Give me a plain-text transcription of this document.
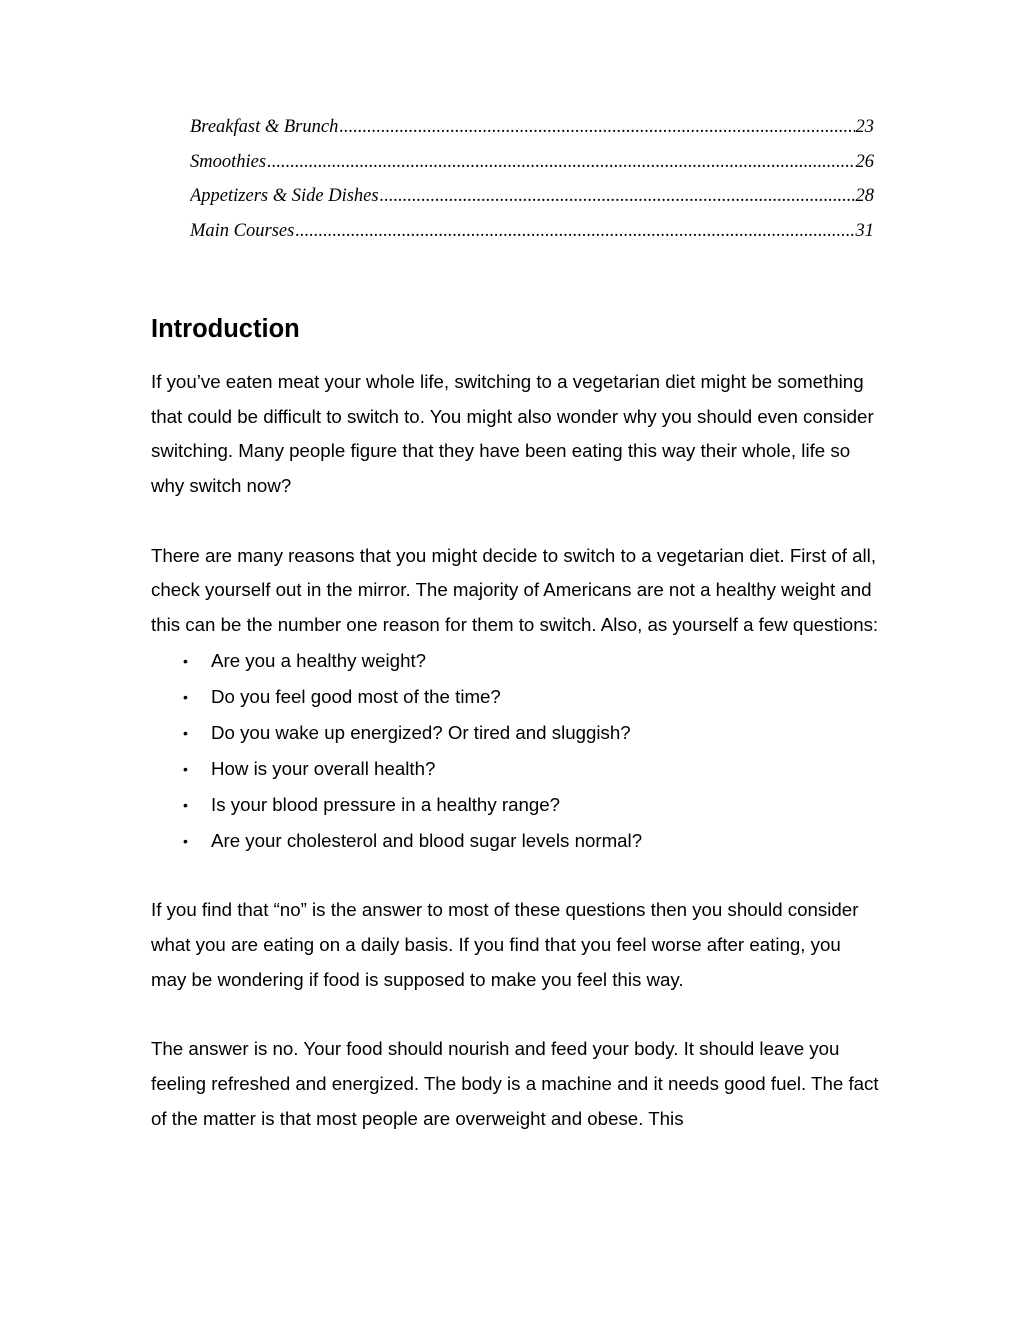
Breakfast & Brunch .....	23
Smoothies .....	26
Appetizers & Side Dishes .....	28
Main Courses .....	31
Introduction

If you’ve eaten meat your whole life, switching to a vegetarian diet might be something that could be difficult to switch to. You might also wonder why you should even consider switching. Many people figure that they have been eating this way their whole, life so why switch now?

There are many reasons that you might decide to switch to a vegetarian diet. First of all, check yourself out in the mirror. The majority of Americans are not a healthy weight and this can be the number one reason for them to switch. Also, as yourself a few questions:

• Are you a healthy weight?
• Do you feel good most of the time?
• Do you wake up energized? Or tired and sluggish?
• How is your overall health?
• Is your blood pressure in a healthy range?
• Are your cholesterol and blood sugar levels normal?

If you find that “no” is the answer to most of these questions then you should consider what you are eating on a daily basis. If you find that you feel worse after eating, you may be wondering if food is supposed to make you feel this way.

The answer is no. Your food should nourish and feed your body. It should leave you feeling refreshed and energized. The body is a machine and it needs good fuel. The fact of the matter is that most people are overweight and obese. This
